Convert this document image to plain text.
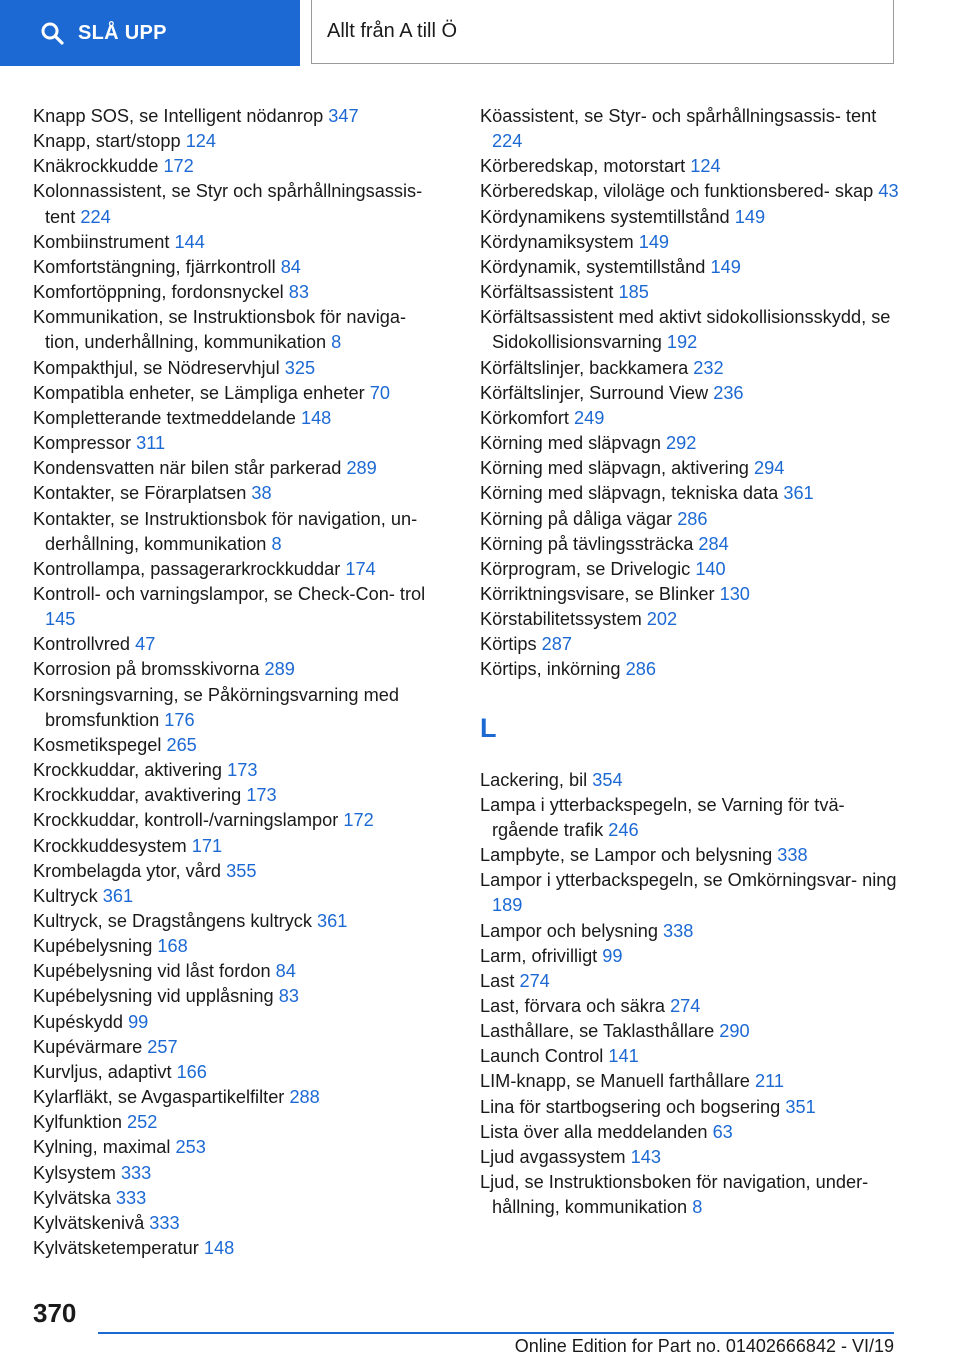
SLÅ UPP	Allt från A till Ö
Knapp SOS, se Intelligent nödanrop 347
Knapp, start/stopp 124
Knäkrockkudde 172
Kolonnassistent, se Styr och spårhållningsassis‐ tent 224
Kombiinstrument 144
Komfortstängning, fjärrkontroll 84
Komfortöppning, fordonsnyckel 83
Kommunikation, se Instruktionsbok för naviga‐ tion, underhållning, kommunikation 8
Kompakthjul, se Nödreservhjul 325
Kompatibla enheter, se Lämpliga enheter 70
Kompletterande textmeddelande 148
Kompressor 311
Kondensvatten när bilen står parkerad 289
Kontakter, se Förarplatsen 38
Kontakter, se Instruktionsbok för navigation, un‐ derhållning, kommunikation 8
Kontrollampa, passagerarkrockkuddar 174
Kontroll- och varningslampor, se Check-Con‐ trol 145
Kontrollvred 47
Korrosion på bromsskivorna 289
Korsningsvarning, se Påkörningsvarning med bromsfunktion 176
Kosmetikspegel 265
Krockkuddar, aktivering 173
Krockkuddar, avaktivering 173
Krockkuddar, kontroll-/varningslampor 172
Krockkuddesystem 171
Krombelagda ytor, vård 355
Kultryck 361
Kultryck, se Dragstångens kultryck 361
Kupébelysning 168
Kupébelysning vid låst fordon 84
Kupébelysning vid upplåsning 83
Kupéskydd 99
Kupévärmare 257
Kurvljus, adaptivt 166
Kylarfläkt, se Avgaspartikelfilter 288
Kylfunktion 252
Kylning, maximal 253
Kylsystem 333
Kylvätska 333
Kylvätskenivå 333
Kylvätsketemperatur 148
Köassistent, se Styr- och spårhållningsassis‐ tent 224
Körberedskap, motorstart 124
Körberedskap, viloläge och funktionsbered‐ skap 43
Kördynamikens systemtillstånd 149
Kördynamiksystem 149
Kördynamik, systemtillstånd 149
Körfältsassistent 185
Körfältsassistent med aktivt sidokollisionsskydd, se Sidokollisionsvarning 192
Körfältslinjer, backkamera 232
Körfältslinjer, Surround View 236
Körkomfort 249
Körning med släpvagn 292
Körning med släpvagn, aktivering 294
Körning med släpvagn, tekniska data 361
Körning på dåliga vägar 286
Körning på tävlingssträcka 284
Körprogram, se Drivelogic 140
Körriktningsvisare, se Blinker 130
Körstabilitetssystem 202
Körtips 287
Körtips, inkörning 286
L
Lackering, bil 354
Lampa i ytterbackspegeln, se Varning för tvä‐ rgående trafik 246
Lampbyte, se Lampor och belysning 338
Lampor i ytterbackspegeln, se Omkörningsvar‐ ning 189
Lampor och belysning 338
Larm, ofrivilligt 99
Last 274
Last, förvara och säkra 274
Lasthållare, se Taklasthållare 290
Launch Control 141
LIM-knapp, se Manuell farthållare 211
Lina för startbogsering och bogsering 351
Lista över alla meddelanden 63
Ljud avgassystem 143
Ljud, se Instruktionsboken för navigation, under‐ hållning, kommunikation 8
370
Online Edition for Part no. 01402666842 - VI/19
